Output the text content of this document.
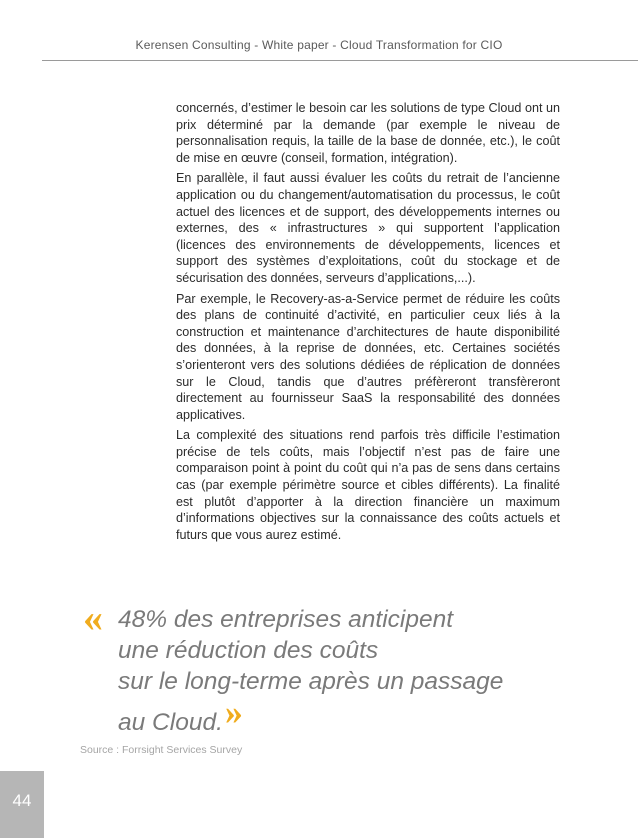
Kerensen Consulting - White paper - Cloud Transformation for CIO

concernés, d’estimer le besoin car les solutions de type Cloud ont un prix déterminé par la demande (par exemple le niveau de personnalisation requis, la taille de la base de donnée, etc.), le coût de mise en œuvre (conseil, formation, intégration).

En parallèle, il faut aussi évaluer les coûts du retrait de l’ancienne application ou du changement/automatisation du processus, le coût actuel des licences et de support, des développements internes ou externes, des « infrastructures » qui supportent l’application (licences des environnements de développements, licences et support des systèmes d’exploitations, coût du stockage et de sécurisation des données, serveurs d’applications,...).

Par exemple, le Recovery-as-a-Service permet de réduire les coûts des plans de continuité d’activité, en particulier ceux liés à la construction et maintenance d’architectures de haute disponibilité des données, à la reprise de données, etc. Certaines sociétés s’orienteront vers des solutions dédiées de réplication de données sur le Cloud, tandis que d’autres préfèreront transfèreront directement au fournisseur SaaS la responsabilité des données applicatives.

La complexité des situations rend parfois très difficile l’estimation précise de tels coûts, mais l’objectif n’est pas de faire une comparaison point à point du coût qui n’a pas de sens dans certains cas (par exemple périmètre source et cibles différents). La finalité est plutôt d’apporter à la direction financière un maximum d’informations objectives sur la connaissance des coûts actuels et futurs que vous aurez estimé.

« 48% des entreprises anticipent
une réduction des coûts
sur le long-terme après un passage
au Cloud.»
Source : Forrsight Services Survey
44
